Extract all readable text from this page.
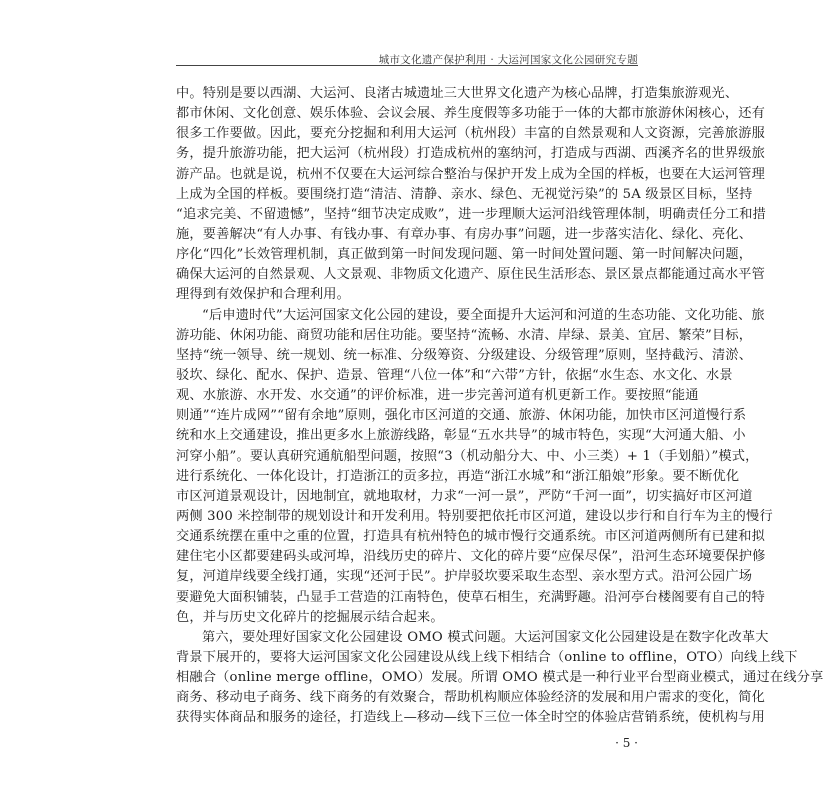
城市文化遗产保护利用 · 大运河国家文化公园研究专题
中。特别是要以西湖、大运河、良渚古城遗址三大世界文化遗产为核心品牌，打造集旅游观光、
都市休闲、文化创意、娱乐体验、会议会展、养生度假等多功能于一体的大都市旅游休闲核心，还有
很多工作要做。因此，要充分挖掘和利用大运河（杭州段）丰富的自然景观和人文资源，完善旅游服
务，提升旅游功能，把大运河（杭州段）打造成杭州的塞纳河，打造成与西湖、西溪齐名的世界级旅
游产品。也就是说，杭州不仅要在大运河综合整治与保护开发上成为全国的样板，也要在大运河管理
上成为全国的样板。要围绕打造“清洁、清静、亲水、绿色、无视觉污染”的 5A 级景区目标，坚持
“追求完美、不留遗憾”，坚持“细节决定成败”，进一步理顺大运河沿线管理体制，明确责任分工和措
施，要善解决“有人办事、有钱办事、有章办事、有房办事”问题，进一步落实洁化、绿化、亮化、
序化“四化”长效管理机制，真正做到第一时间发现问题、第一时间处置问题、第一时间解决问题，
确保大运河的自然景观、人文景观、非物质文化遗产、原住民生活形态、景区景点都能通过高水平管
理得到有效保护和合理利用。
“后申遗时代”大运河国家文化公园的建设，要全面提升大运河和河道的生态功能、文化功能、旅
游功能、休闲功能、商贸功能和居住功能。要坚持“流畅、水清、岸绿、景美、宜居、繁荣”目标，
坚持“统一领导、统一规划、统一标准、分级筹资、分级建设、分级管理”原则，坚持截污、清淤、
驳坎、绿化、配水、保护、造景、管理“八位一体”和“六带”方针，依据“水生态、水文化、水景
观、水旅游、水开发、水交通”的评价标准，进一步完善河道有机更新工作。要按照“能通
则通”“连片成网”“留有余地”原则，强化市区河道的交通、旅游、休闲功能，加快市区河道慢行系
统和水上交通建设，推出更多水上旅游线路，彰显“五水共导”的城市特色，实现“大河通大船、小
河穿小船”。要认真研究通航船型问题，按照“3（机动船分大、中、小三类）+ 1（手划船）”模式，
进行系统化、一体化设计，打造浙江的贡多拉，再造“浙江水城”和“浙江船娘”形象。要不断优化
市区河道景观设计，因地制宜，就地取材，力求“一河一景”，严防“千河一面”，切实搞好市区河道
两侧 300 米控制带的规划设计和开发利用。特别要把依托市区河道，建设以步行和自行车为主的慢行
交通系统摆在重中之重的位置，打造具有杭州特色的城市慢行交通系统。市区河道两侧所有已建和拟
建住宅小区都要建码头或河埠，沿线历史的碎片、文化的碎片要“应保尽保”，沿河生态环境要保护修
复，河道岸线要全线打通，实现“还河于民”。护岸驳坎要采取生态型、亲水型方式。沿河公园广场
要避免大面积铺装，凸显手工营造的江南特色，使草石相生，充满野趣。沿河亭台楼阁要有自己的特
色，并与历史文化碎片的挖掘展示结合起来。
第六，要处理好国家文化公园建设 OMO 模式问题。大运河国家文化公园建设是在数字化改革大
背景下展开的，要将大运河国家文化公园建设从线上线下相结合（online to offline，OTO）向线上线下
相融合（online merge offline，OMO）发展。所谓 OMO 模式是一种行业平台型商业模式，通过在线分享
商务、移动电子商务、线下商务的有效聚合，帮助机构顺应体验经济的发展和用户需求的变化，简化
获得实体商品和服务的途径，打造线上—移动—线下三位一体全时空的体验店营销系统，使机构与用
· 5 ·
